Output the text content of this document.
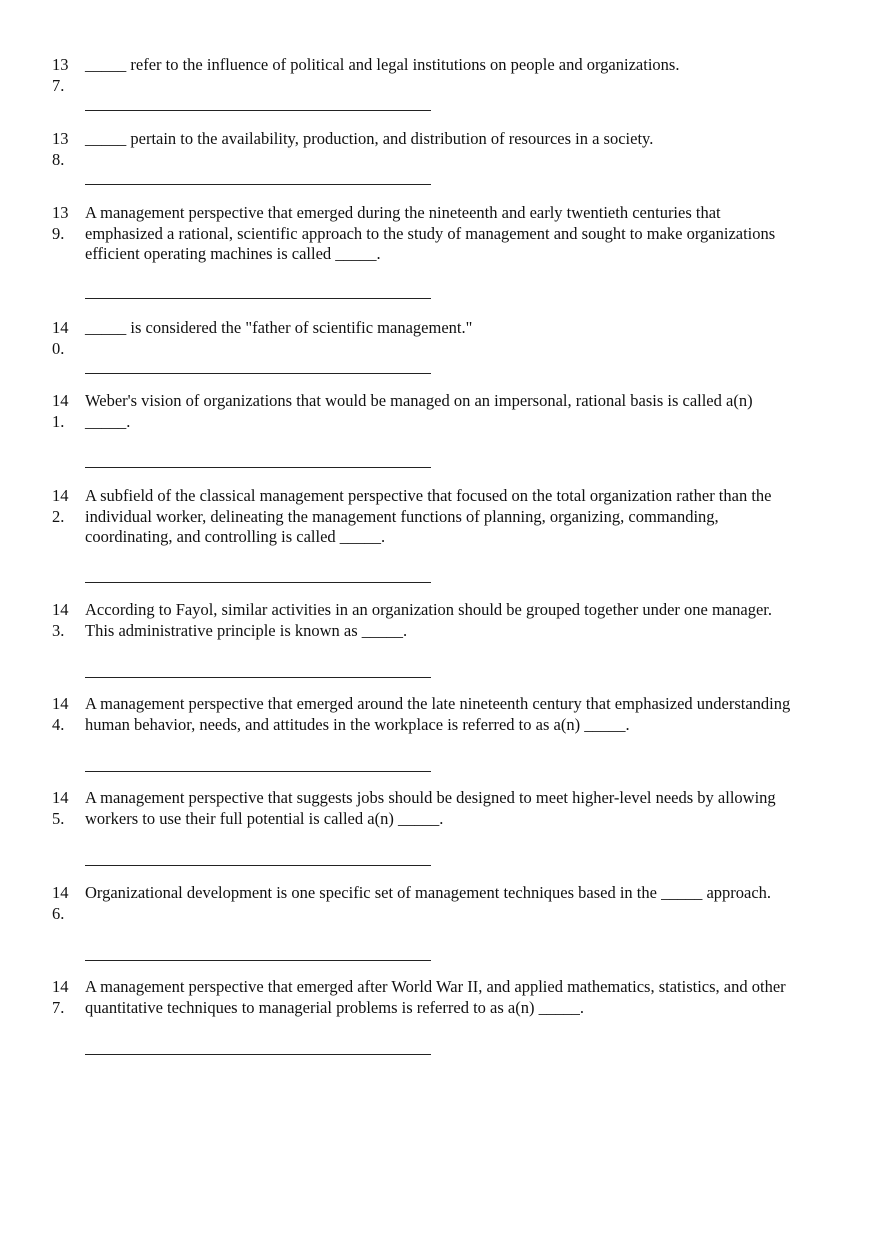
137.
_____ refer to the influence of political and legal institutions on people and organizations.
138.
_____ pertain to the availability, production, and distribution of resources in a society.
139.
A management perspective that emerged during the nineteenth and early twentieth centuries that emphasized a rational, scientific approach to the study of management and sought to make organizations efficient operating machines is called _____.
140.
_____ is considered the "father of scientific management."
141.
Weber's vision of organizations that would be managed on an impersonal, rational basis is called a(n) _____.
142.
A subfield of the classical management perspective that focused on the total organization rather than the individual worker, delineating the management functions of planning, organizing, commanding, coordinating, and controlling is called _____.
143.
According to Fayol, similar activities in an organization should be grouped together under one manager. This administrative principle is known as _____.
144.
A management perspective that emerged around the late nineteenth century that emphasized understanding human behavior, needs, and attitudes in the workplace is referred to as a(n) _____.
145.
A management perspective that suggests jobs should be designed to meet higher-level needs by allowing workers to use their full potential is called a(n) _____.
146.
Organizational development is one specific set of management techniques based in the _____ approach.
147.
A management perspective that emerged after World War II, and applied mathematics, statistics, and other quantitative techniques to managerial problems is referred to as a(n) _____.
